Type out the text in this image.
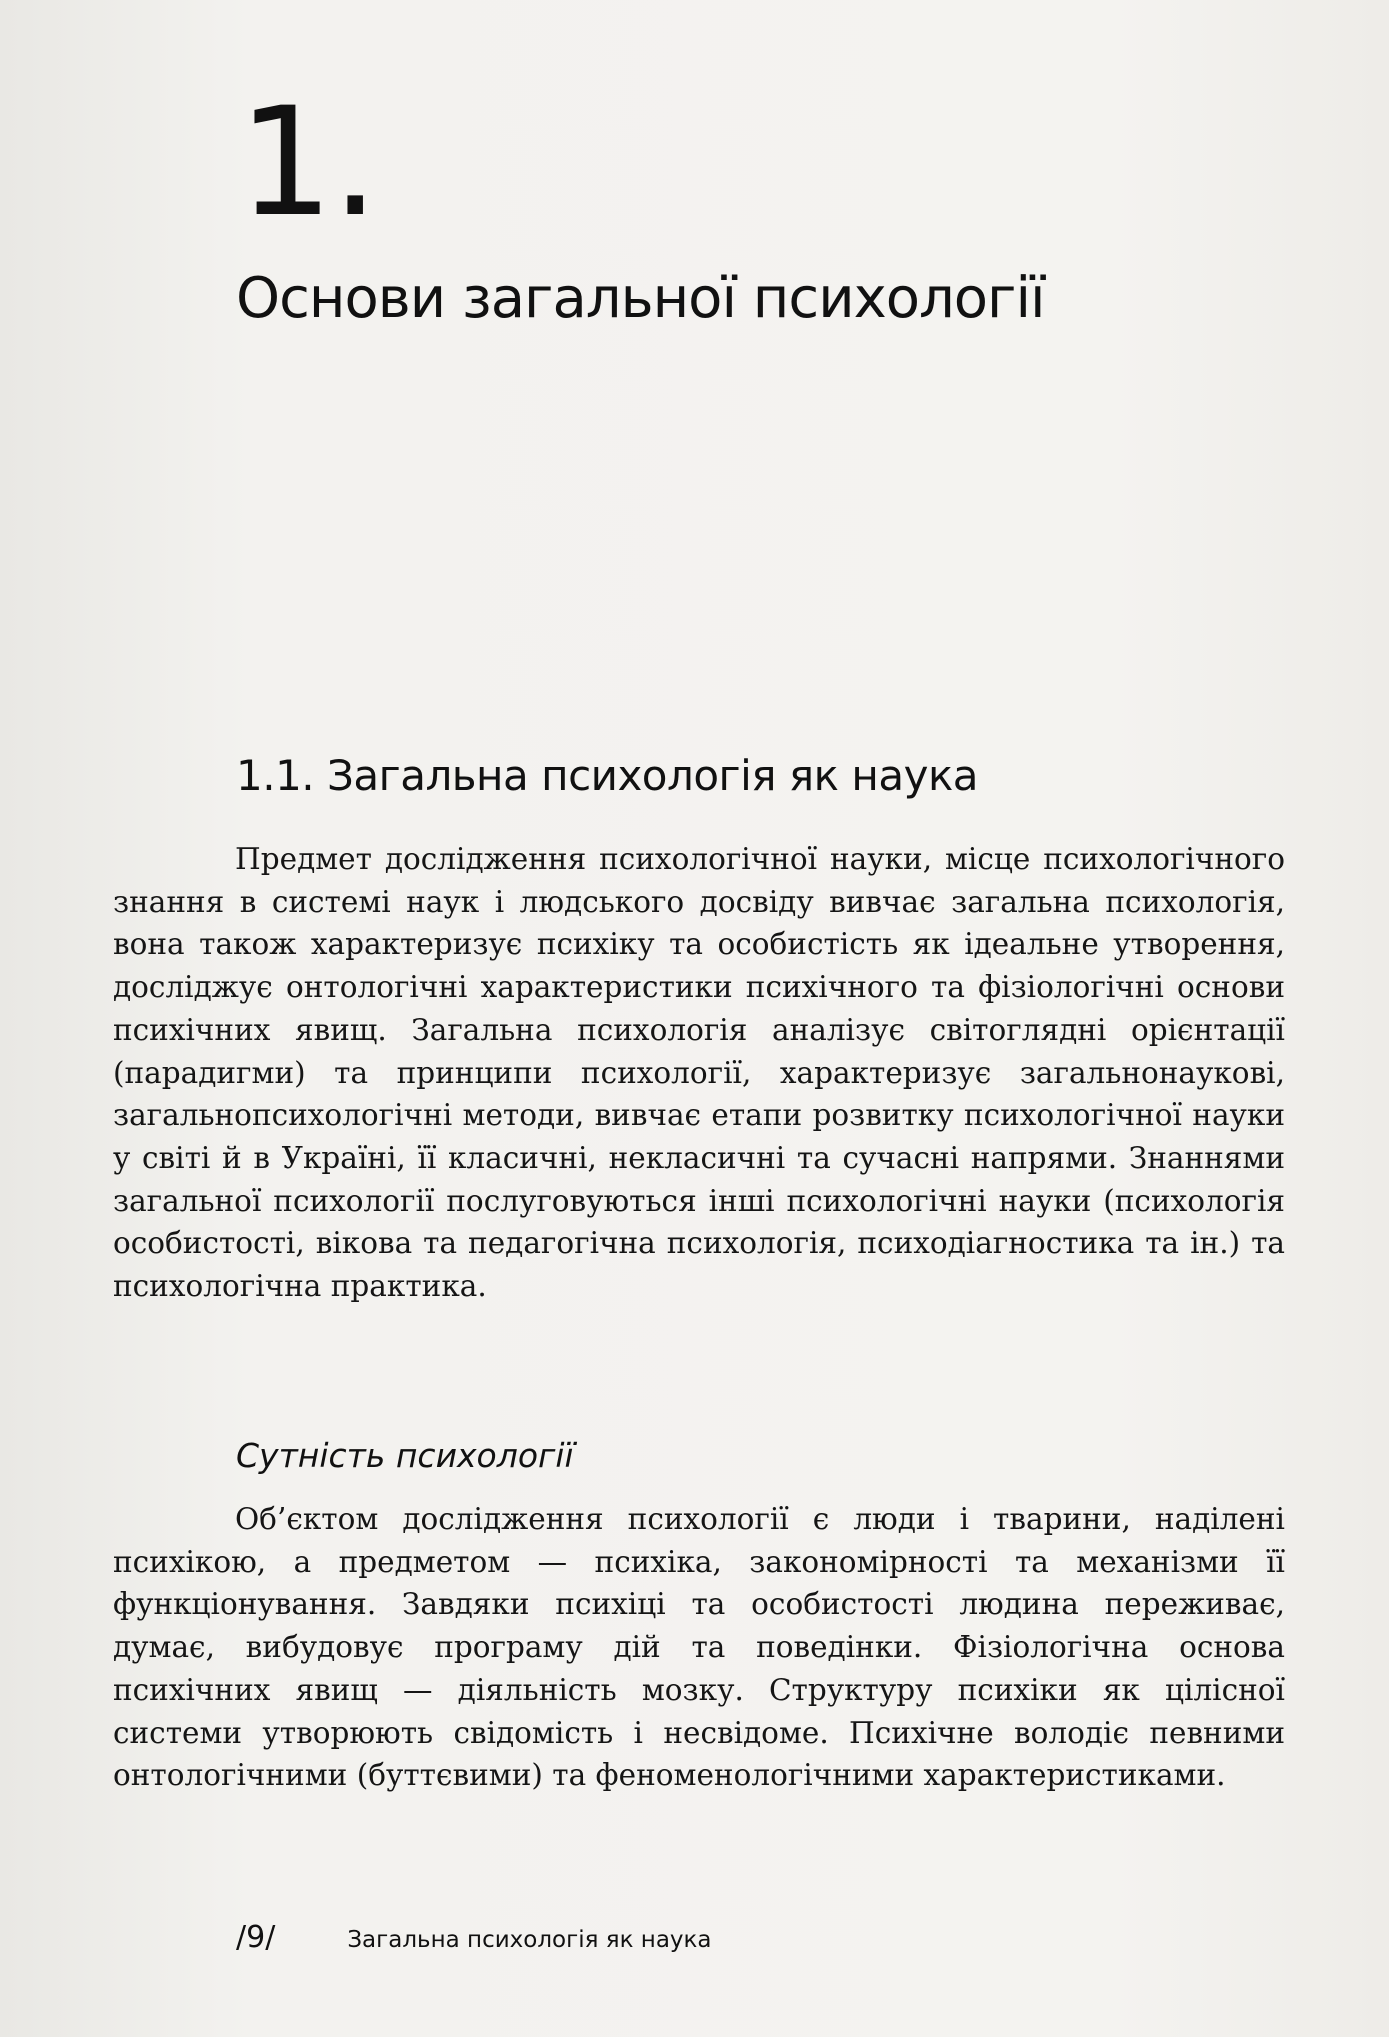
1.
Основи загальної психології
1.1. Загальна психологія як наука

Предмет дослідження психологічної науки, місце психологічного знання в системі наук і людського досвіду вивчає загальна психологія, вона також характеризує психіку та особистість як ідеальне утворення, досліджує онтологічні характеристики психічного та фізіологічні основи психічних явищ. Загальна психологія аналізує світоглядні орієнтації (парадигми) та принципи психології, характеризує загальнонаукові, загальнопсихологічні методи, вивчає етапи розвитку психологічної науки у світі й в Україні, її класичні, некласичні та сучасні напрями. Знаннями загальної психології послуговуються інші психологічні науки (психологія особистості, вікова та педагогічна психологія, психодіагностика та ін.) та психологічна практика.

Сутність психології

Об’єктом дослідження психології є люди і тварини, наділені психікою, а предметом — психіка, закономірності та механізми її функціонування. Завдяки психіці та особистості людина переживає, думає, вибудовує програму дій та поведінки. Фізіологічна основа психічних явищ — діяльність мозку. Структуру психіки як цілісної системи утворюють свідомість і несвідоме. Психічне володіє певними онтологічними (буттєвими) та феноменологічними характеристиками.

/9/	Загальна психологія як наука
